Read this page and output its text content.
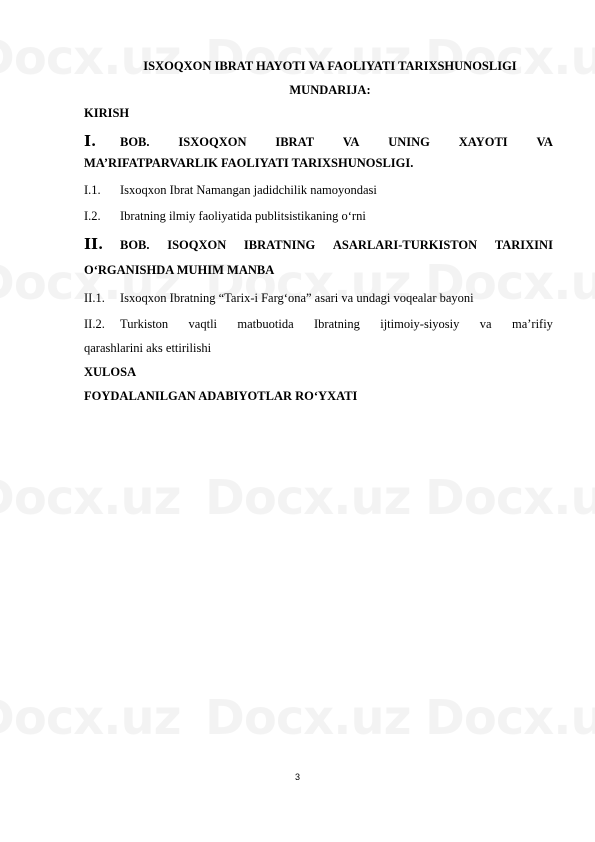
ISXOQXON IBRAT HAYOTI VA FAOLIYATI TARIXSHUNOSLIGI
MUNDARIJA:
KIRISH
I.	BOB. ISXOQXON IBRAT VA UNING XAYOTI VA
MA’RIFATPARVARLIK FAOLIYATI TARIXSHUNOSLIGI.
I.1. Isxoqxon Ibrat Namangan jadidchilik namoyondasi
I.2. Ibratning ilmiy faoliyatida publitsistikaning o‘rni
II.	BOB. ISOQXON IBRATNING ASARLARI-TURKISTON TARIXINI
O‘RGANISHDA MUHIM MANBA
II.1. Isxoqxon Ibratning “Tarix-i Farg‘ona” asari va undagi voqealar bayoni
II.2.	Turkiston vaqtli matbuotida Ibratning ijtimoiy-siyosiy va ma’rifiy
qarashlarini aks ettirilishi
XULOSA
FOYDALANILGAN ADABIYOTLAR RO‘YXATI
3
